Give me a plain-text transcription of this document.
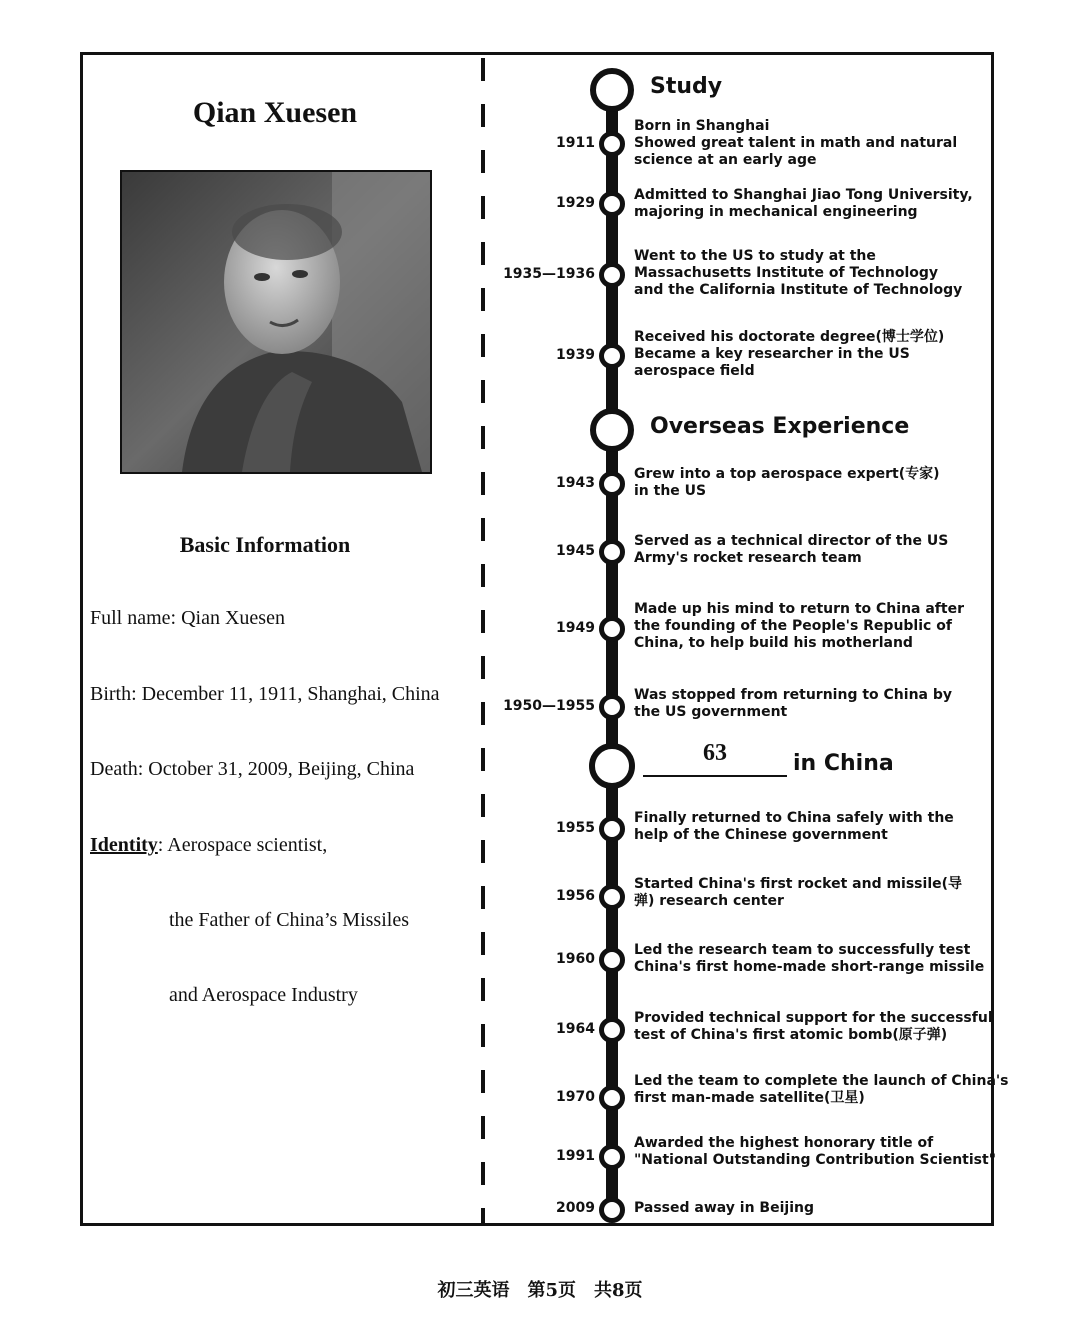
Qian Xuesen
Basic Information
Full name: Qian Xuesen
Birth: December 11, 1911, Shanghai, China
Death: October 31, 2009, Beijing, China
Identity: Aerospace scientist,
the Father of China’s Missiles
and Aerospace Industry
Study
Overseas Experience
63	in China
1911
Born in Shanghai
Showed great talent in math and natural
science at an early age
1929	Admitted to Shanghai Jiao Tong University,
majoring in mechanical engineering
1935—1936
Went to the US to study at the
Massachusetts Institute of Technology
and the California Institute of Technology
1939
Received his doctorate degree(博士学位)
Became a key researcher in the US
aerospace field
1943
Grew into a top aerospace expert(专家)
in the US
1945
Served as a technical director of the US
Army's rocket research team
1949
Made up his mind to return to China after
the founding of the People's Republic of
China, to help build his motherland
1950—1955
Was stopped from returning to China by
the US government
1955
Finally returned to China safely with the
help of the Chinese government
1956
Started China's first rocket and missile(导
弹) research center
1960
Led the research team to successfully test
China's first home-made short-range missile
1964
Provided technical support for the successful
test of China's first atomic bomb(原子弹)
1970
Led the team to complete the launch of China's
first man-made satellite(卫星)
1991
Awarded the highest honorary title of
"National Outstanding Contribution Scientist"
2009	Passed away in Beijing
初三英语　第5页　共8页
